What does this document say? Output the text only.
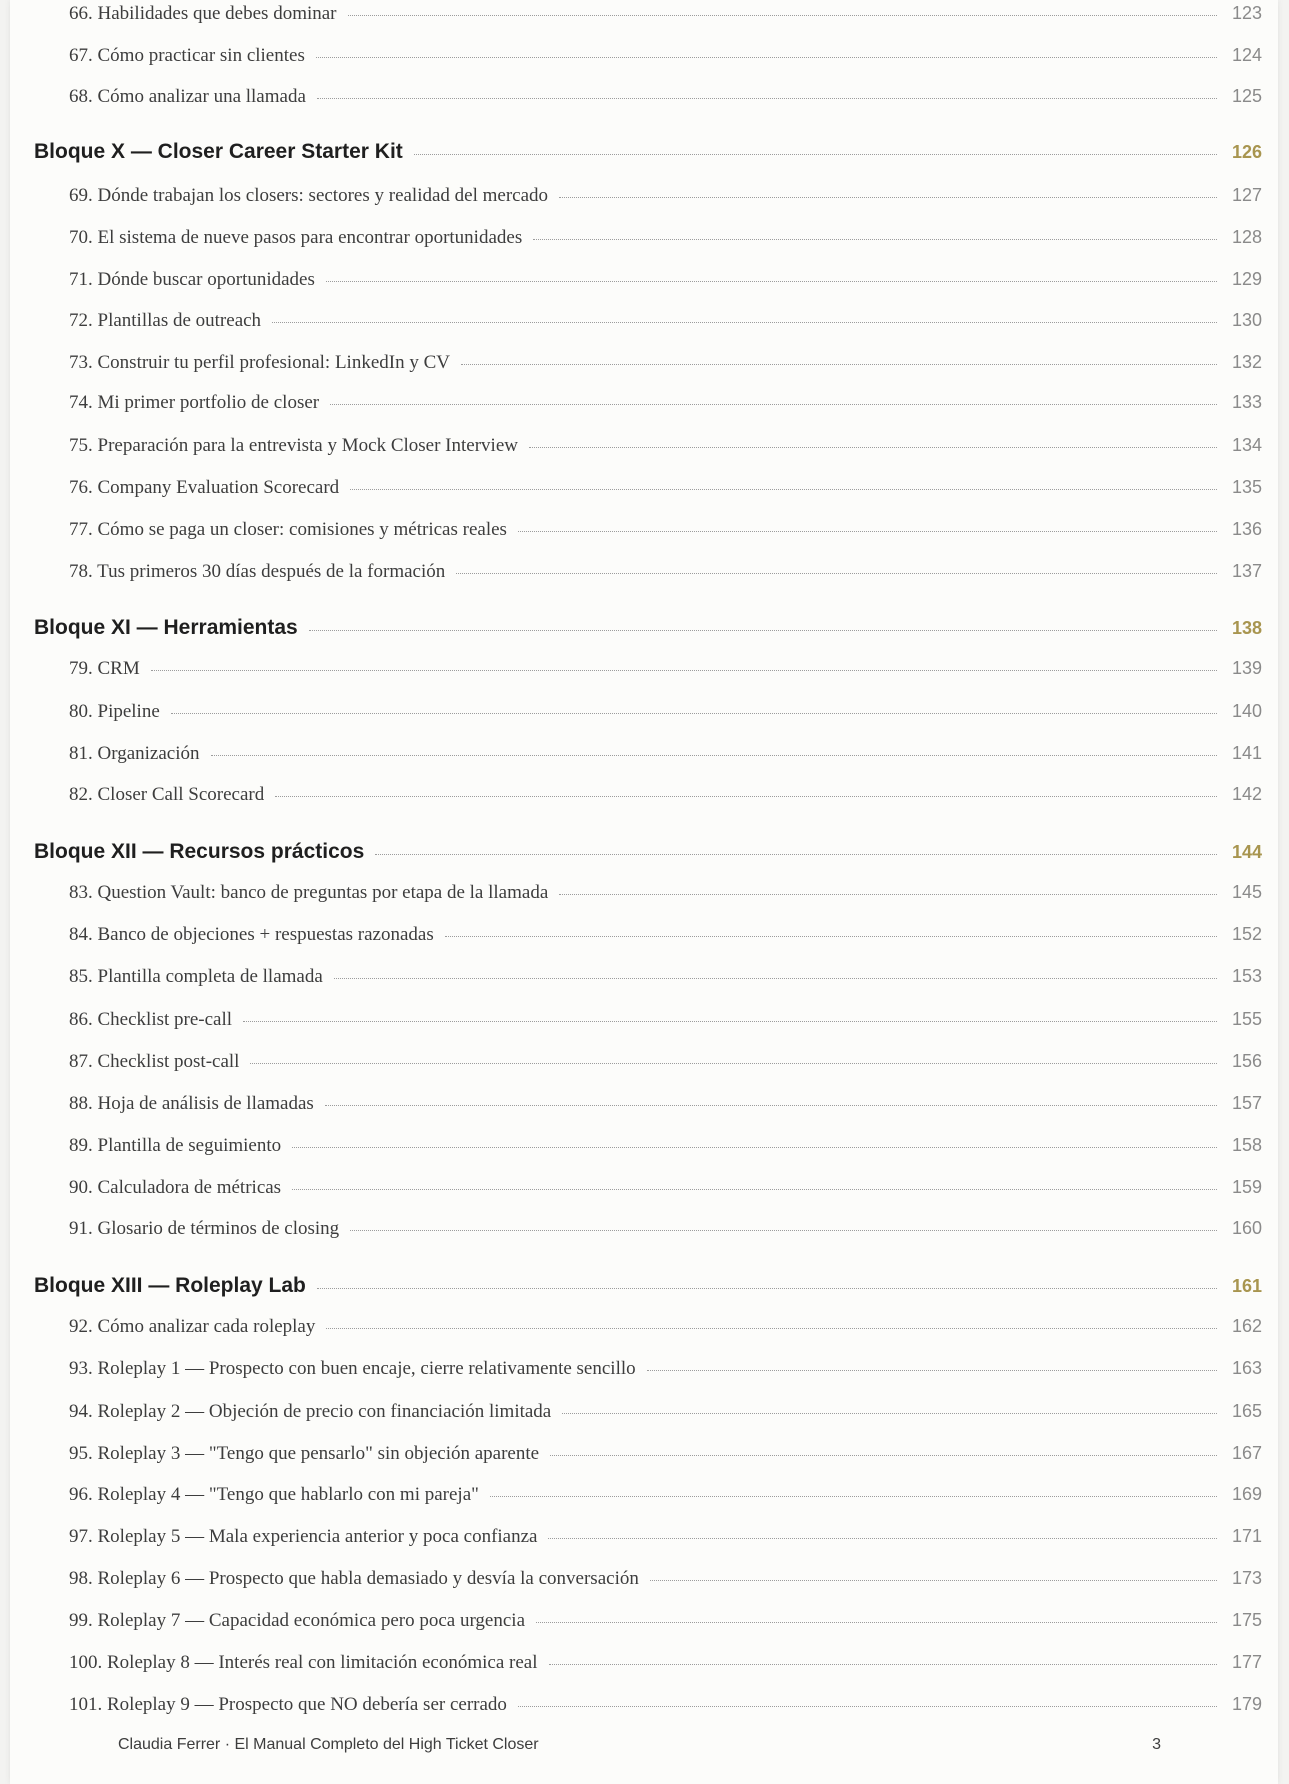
66. Habilidades que debes dominar	123
67. Cómo practicar sin clientes	124
68. Cómo analizar una llamada	125
Bloque X — Closer Career Starter Kit	126
69. Dónde trabajan los closers: sectores y realidad del mercado	127
70. El sistema de nueve pasos para encontrar oportunidades	128
71. Dónde buscar oportunidades	129
72. Plantillas de outreach	130
73. Construir tu perfil profesional: LinkedIn y CV	132
74. Mi primer portfolio de closer	133
75. Preparación para la entrevista y Mock Closer Interview	134
76. Company Evaluation Scorecard	135
77. Cómo se paga un closer: comisiones y métricas reales	136
78. Tus primeros 30 días después de la formación	137
Bloque XI — Herramientas	138
79. CRM	139
80. Pipeline	140
81. Organización	141
82. Closer Call Scorecard	142
Bloque XII — Recursos prácticos	144
83. Question Vault: banco de preguntas por etapa de la llamada	145
84. Banco de objeciones + respuestas razonadas	152
85. Plantilla completa de llamada	153
86. Checklist pre-call	155
87. Checklist post-call	156
88. Hoja de análisis de llamadas	157
89. Plantilla de seguimiento	158
90. Calculadora de métricas	159
91. Glosario de términos de closing	160
Bloque XIII — Roleplay Lab	161
92. Cómo analizar cada roleplay	162
93. Roleplay 1 — Prospecto con buen encaje, cierre relativamente sencillo	163
94. Roleplay 2 — Objeción de precio con financiación limitada	165
95. Roleplay 3 — "Tengo que pensarlo" sin objeción aparente	167
96. Roleplay 4 — "Tengo que hablarlo con mi pareja"	169
97. Roleplay 5 — Mala experiencia anterior y poca confianza	171
98. Roleplay 6 — Prospecto que habla demasiado y desvía la conversación	173
99. Roleplay 7 — Capacidad económica pero poca urgencia	175
100. Roleplay 8 — Interés real con limitación económica real	177
101. Roleplay 9 — Prospecto que NO debería ser cerrado	179
Claudia Ferrer · El Manual Completo del High Ticket Closer	3
